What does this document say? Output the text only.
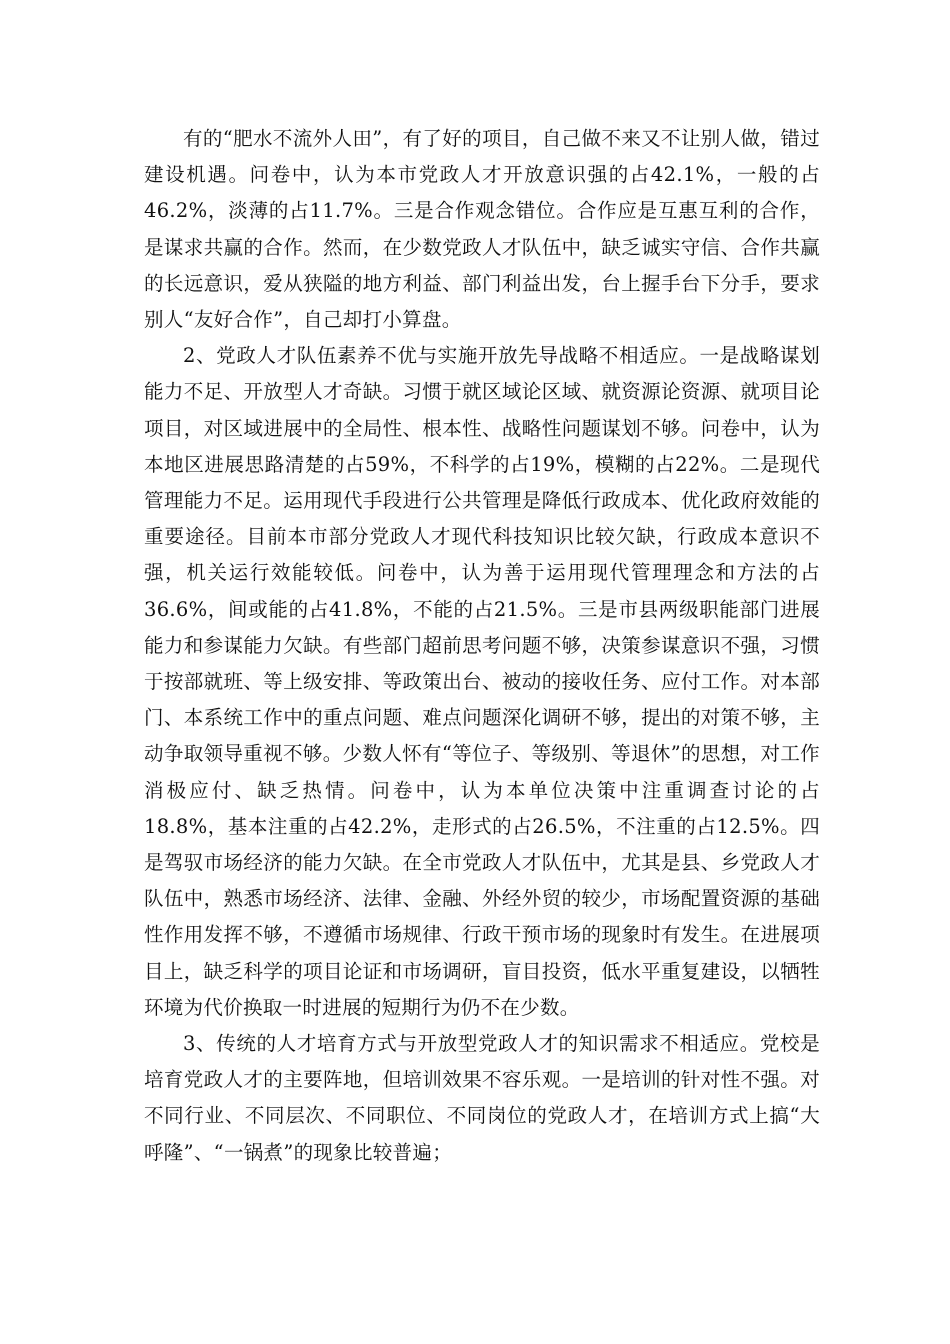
有的“肥水不流外人田”，有了好的项目，自己做不来又不让别人做，错过建设机遇。问卷中，认为本市党政人才开放意识强的占42.1%，一般的占46.2%，淡薄的占11.7%。三是合作观念错位。合作应是互惠互利的合作，是谋求共赢的合作。然而，在少数党政人才队伍中，缺乏诚实守信、合作共赢的长远意识，爱从狭隘的地方利益、部门利益出发，台上握手台下分手，要求别人“友好合作”，自己却打小算盘。

2、党政人才队伍素养不优与实施开放先导战略不相适应。一是战略谋划能力不足、开放型人才奇缺。习惯于就区域论区域、就资源论资源、就项目论项目，对区域进展中的全局性、根本性、战略性问题谋划不够。问卷中，认为本地区进展思路清楚的占59%，不科学的占19%，模糊的占22%。二是现代管理能力不足。运用现代手段进行公共管理是降低行政成本、优化政府效能的重要途径。目前本市部分党政人才现代科技知识比较欠缺，行政成本意识不强，机关运行效能较低。问卷中，认为善于运用现代管理理念和方法的占36.6%，间或能的占41.8%，不能的占21.5%。三是市县两级职能部门进展能力和参谋能力欠缺。有些部门超前思考问题不够，决策参谋意识不强，习惯于按部就班、等上级安排、等政策出台、被动的接收任务、应付工作。对本部门、本系统工作中的重点问题、难点问题深化调研不够，提出的对策不够，主动争取领导重视不够。少数人怀有“等位子、等级别、等退休”的思想，对工作消极应付、缺乏热情。问卷中，认为本单位决策中注重调查讨论的占18.8%，基本注重的占42.2%，走形式的占26.5%，不注重的占12.5%。四是驾驭市场经济的能力欠缺。在全市党政人才队伍中，尤其是县、乡党政人才队伍中，熟悉市场经济、法律、金融、外经外贸的较少，市场配置资源的基础性作用发挥不够，不遵循市场规律、行政干预市场的现象时有发生。在进展项目上，缺乏科学的项目论证和市场调研，盲目投资，低水平重复建设，以牺牲环境为代价换取一时进展的短期行为仍不在少数。

3、传统的人才培育方式与开放型党政人才的知识需求不相适应。党校是培育党政人才的主要阵地，但培训效果不容乐观。一是培训的针对性不强。对不同行业、不同层次、不同职位、不同岗位的党政人才，在培训方式上搞“大呼隆”、“一锅煮”的现象比较普遍；
